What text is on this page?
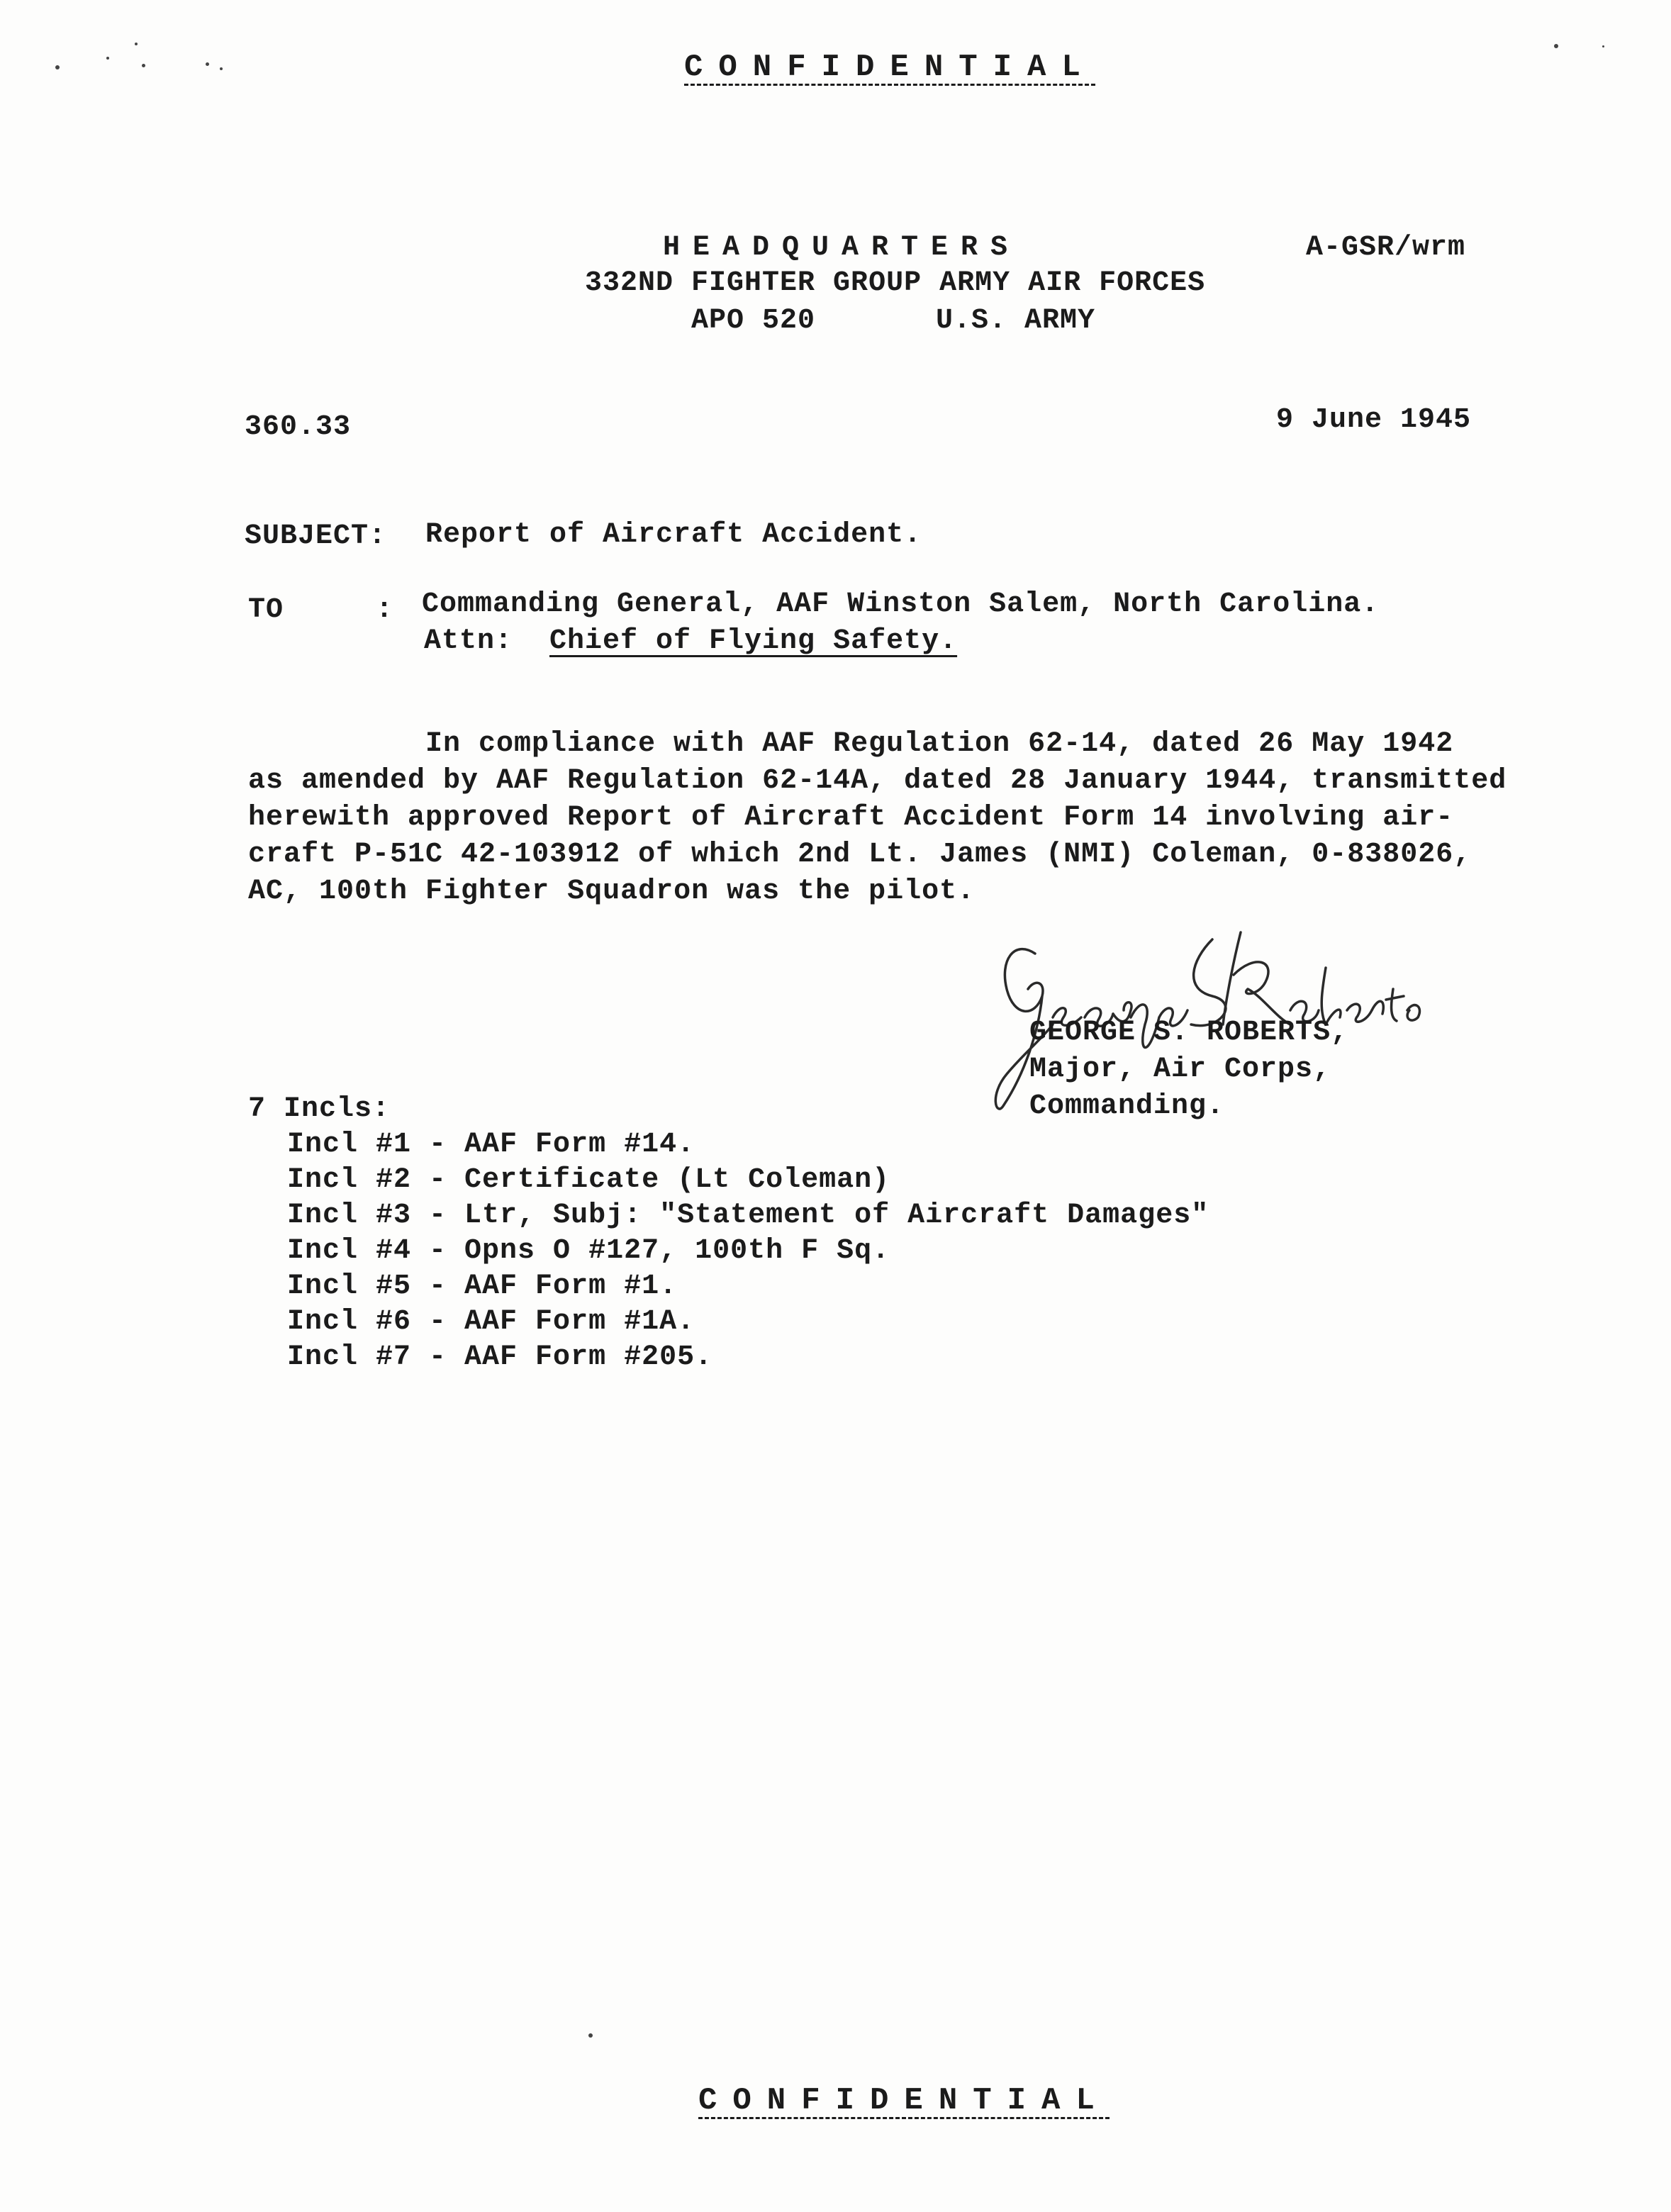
CONFIDENTIAL
HEADQUARTERS	A-GSR/wrm
332ND FIGHTER GROUP ARMY AIR FORCES
APO 520	U.S. ARMY
360.33	9 June 1945
SUBJECT: Report of Aircraft Accident.
TO	: Commanding General, AAF Winston Salem, North Carolina.
Attn: Chief of Flying Safety.
In compliance with AAF Regulation 62-14, dated 26 May 1942
as amended by AAF Regulation 62-14A, dated 28 January 1944, transmitted
herewith approved Report of Aircraft Accident Form 14 involving air-
craft P-51C 42-103912 of which 2nd Lt. James (NMI) Coleman, 0-838026,
AC, 100th Fighter Squadron was the pilot.
GEORGE S. ROBERTS,
Major, Air Corps,
Commanding.
7 Incls:
Incl #1 - AAF Form #14.
Incl #2 - Certificate (Lt Coleman)
Incl #3 - Ltr, Subj: "Statement of Aircraft Damages"
Incl #4 - Opns O #127, 100th F Sq.
Incl #5 - AAF Form #1.
Incl #6 - AAF Form #1A.
Incl #7 - AAF Form #205.
CONFIDENTIAL
